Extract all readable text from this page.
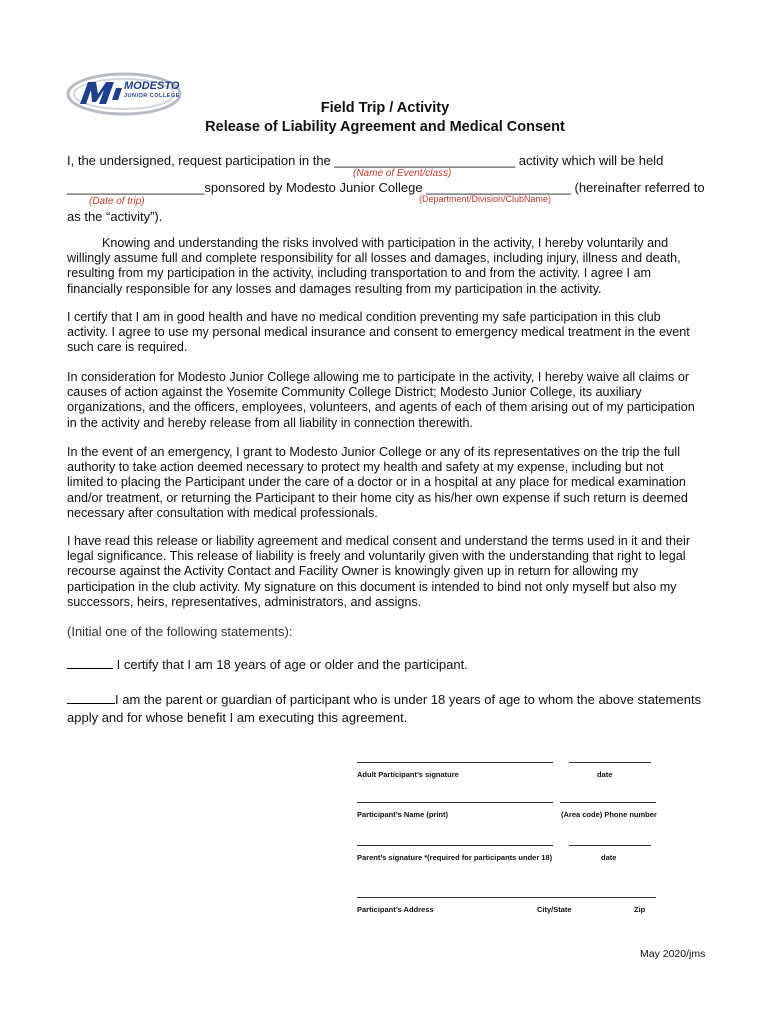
MODESTO
JUNIOR COLLEGE
Field Trip / Activity
Release of Liability Agreement and Medical Consent
I, the undersigned, request participation in the _________________________ activity which will be held
(Name of Event/class)
___________________sponsored by Modesto Junior College ____________________ (hereinafter referred to
(Date of trip)	(Department/Division/ClubName)
as the “activity”).
Knowing and understanding the risks involved with participation in the activity, I hereby voluntarily and willingly assume full and complete responsibility for all losses and damages, including injury, illness and death, resulting from my participation in the activity, including transportation to and from the activity. I agree I am financially responsible for any losses and damages resulting from my participation in the activity.
I certify that I am in good health and have no medical condition preventing my safe participation in this club activity. I agree to use my personal medical insurance and consent to emergency medical treatment in the event such care is required.
In consideration for Modesto Junior College allowing me to participate in the activity, I hereby waive all claims or causes of action against the Yosemite Community College District; Modesto Junior College, its auxiliary organizations, and the officers, employees, volunteers, and agents of each of them arising out of my participation in the activity and hereby release from all liability in connection therewith.
In the event of an emergency, I grant to Modesto Junior College or any of its representatives on the trip the full authority to take action deemed necessary to protect my health and safety at my expense, including but not limited to placing the Participant under the care of a doctor or in a hospital at any place for medical examination and/or treatment, or returning the Participant to their home city as his/her own expense if such return is deemed necessary after consultation with medical professionals.
I have read this release or liability agreement and medical consent and understand the terms used in it and their legal significance. This release of liability is freely and voluntarily given with the understanding that right to legal recourse against the Activity Contact and Facility Owner is knowingly given up in return for allowing my participation in the club activity. My signature on this document is intended to bind not only myself but also my successors, heirs, representatives, administrators, and assigns.
(Initial one of the following statements):
I certify that I am 18 years of age or older and the participant.
I am the parent or guardian of participant who is under 18 years of age to whom the above statements apply and for whose benefit I am executing this agreement.
Adult Participant’s signature	date
Participant’s Name (print)	(Area code) Phone number
Parent’s signature *(required for participants under 18)	date
Participant’s Address	City/State	Zip
May 2020/jms
